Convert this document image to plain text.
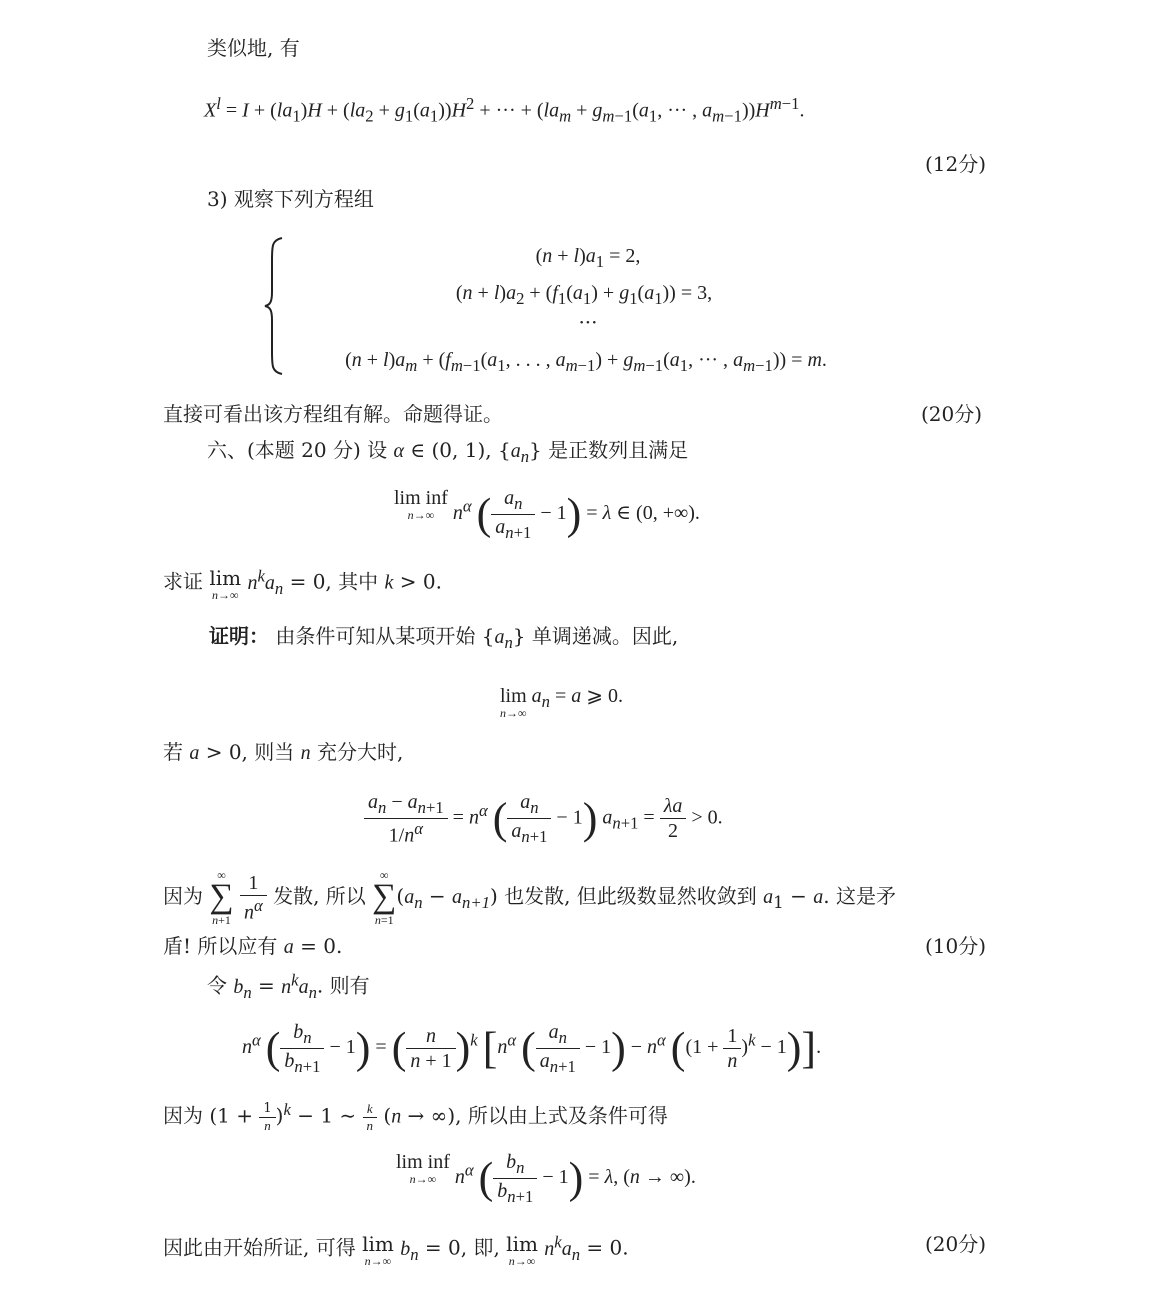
类似地, 有
$X^l = I + (la_1)H + (la_2 + g_1(a_1))H^2$ + ··· + ($la_m + g_{m-1}(a_1$, ··· , $a_{m-1}))H^{m-1}$.
(12分)
3) 观察下列方程组
$(n + l)a_1 = 2$,
$(n + l)a_2 + (f_1(a_1) + g_1(a_1)) = 3$,
···
$(n + l)a_m + (f_{m-1}(a_1$, . . . , $a_{m-1}) + g_{m-1}(a_1$, ··· , $a_{m-1})) = m$.
直接可看出该方程组有解。命题得证。	(20分)
六、(本题 20 分) 设 α ∈ (0, 1), $\{a_n\}$ 是正数列且满足
lim inf
n→∞ $n^\alpha$ ( $\frac{a_n}{a_{n+1}} - 1) = \lambda$ ∈ (0, +∞).
求证 lim
n→∞
$n^ka_n = 0$, 其中 k > 0.
证明： 由条件可知从某项开始 $\{a_n\}$ 单调递减。因此,
lim
n→∞
$a_n = a$ ⩾ 0.
若 a > 0, 则当 n 充分大时,
$\frac{a_n - a_{n+1}}{1/n^\alpha} = n^\alpha$ ( $\frac{a_n}{a_{n+1}} - 1$) $a_{n+1} = \frac{\lambda a}{2} > 0$.
因为
∞
∑
n+1
$\frac{1}{n^\alpha}$ 发散, 所以
∞
∑
n=1
$(a_n - a_{n+1})$ 也发散, 但此级数显然收敛到 $a_1 - a$. 这是矛
盾! 所以应有 a = 0.	(10分)
令 $b_n = n^ka_n$. 则有
$n^\alpha$ ( $\frac{b_n}{b_{n+1}} - 1$) = ( $\frac{n}{n + 1} )^k$ [$n^\alpha$ ( $\frac{a_n}{a_{n+1}} - 1) - n^\alpha$ $((1 + \frac{1}{n} )^k - 1)$].
因为 $(1 + \frac{1}{n} )^k - 1$ ∼ $\frac{k}{n} (n$ → ∞), 所以由上式及条件可得
lim inf
n→∞ $n^\alpha$ ( $\frac{b_n}{b_{n+1}} - 1) = \lambda$, (n → ∞).
因此由开始所证, 可得 lim
n→∞
$b_n = 0$, 即, lim
n→∞
$n^ka_n = 0$.	(20分)
